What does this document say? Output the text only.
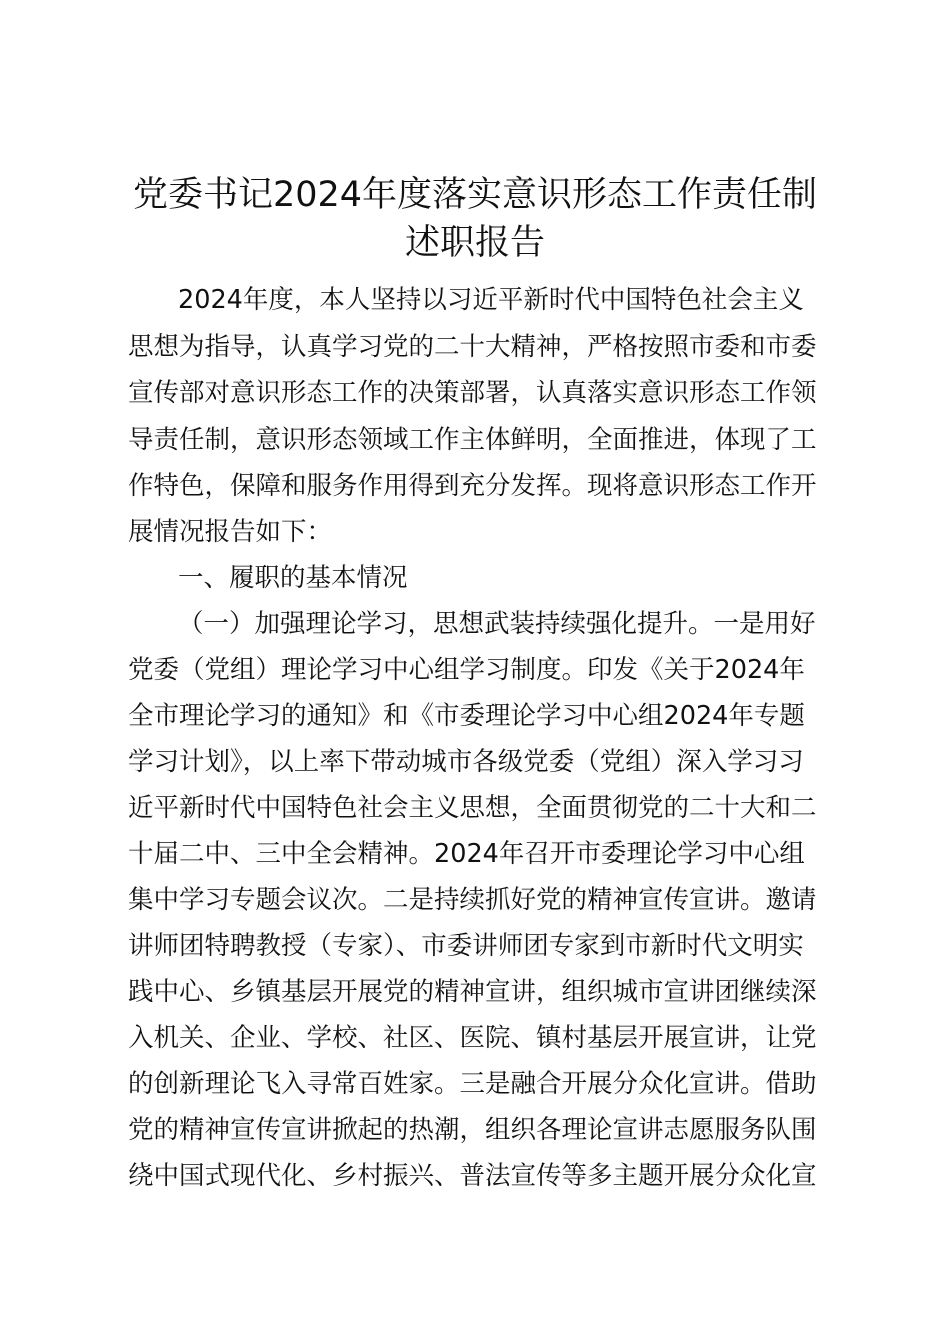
党委书记2024年度落实意识形态工作责任制
述职报告

2024年度，本人坚持以习近平新时代中国特色社会主义

思想为指导，认真学习党的二十大精神，严格按照市委和市委

宣传部对意识形态工作的决策部署，认真落实意识形态工作领

导责任制，意识形态领域工作主体鲜明，全面推进，体现了工

作特色，保障和服务作用得到充分发挥。现将意识形态工作开

展情况报告如下：

一、履职的基本情况

（一）加强理论学习，思想武装持续强化提升。一是用好

党委（党组）理论学习中心组学习制度。印发《关于2024年

全市理论学习的通知》和《市委理论学习中心组2024年专题

学习计划》，以上率下带动城市各级党委（党组）深入学习习

近平新时代中国特色社会主义思想，全面贯彻党的二十大和二

十届二中、三中全会精神。2024年召开市委理论学习中心组

集中学习专题会议次。二是持续抓好党的精神宣传宣讲。邀请

讲师团特聘教授（专家）、市委讲师团专家到市新时代文明实

践中心、乡镇基层开展党的精神宣讲，组织城市宣讲团继续深

入机关、企业、学校、社区、医院、镇村基层开展宣讲，让党

的创新理论飞入寻常百姓家。三是融合开展分众化宣讲。借助

党的精神宣传宣讲掀起的热潮，组织各理论宣讲志愿服务队围

绕中国式现代化、乡村振兴、普法宣传等多主题开展分众化宣
